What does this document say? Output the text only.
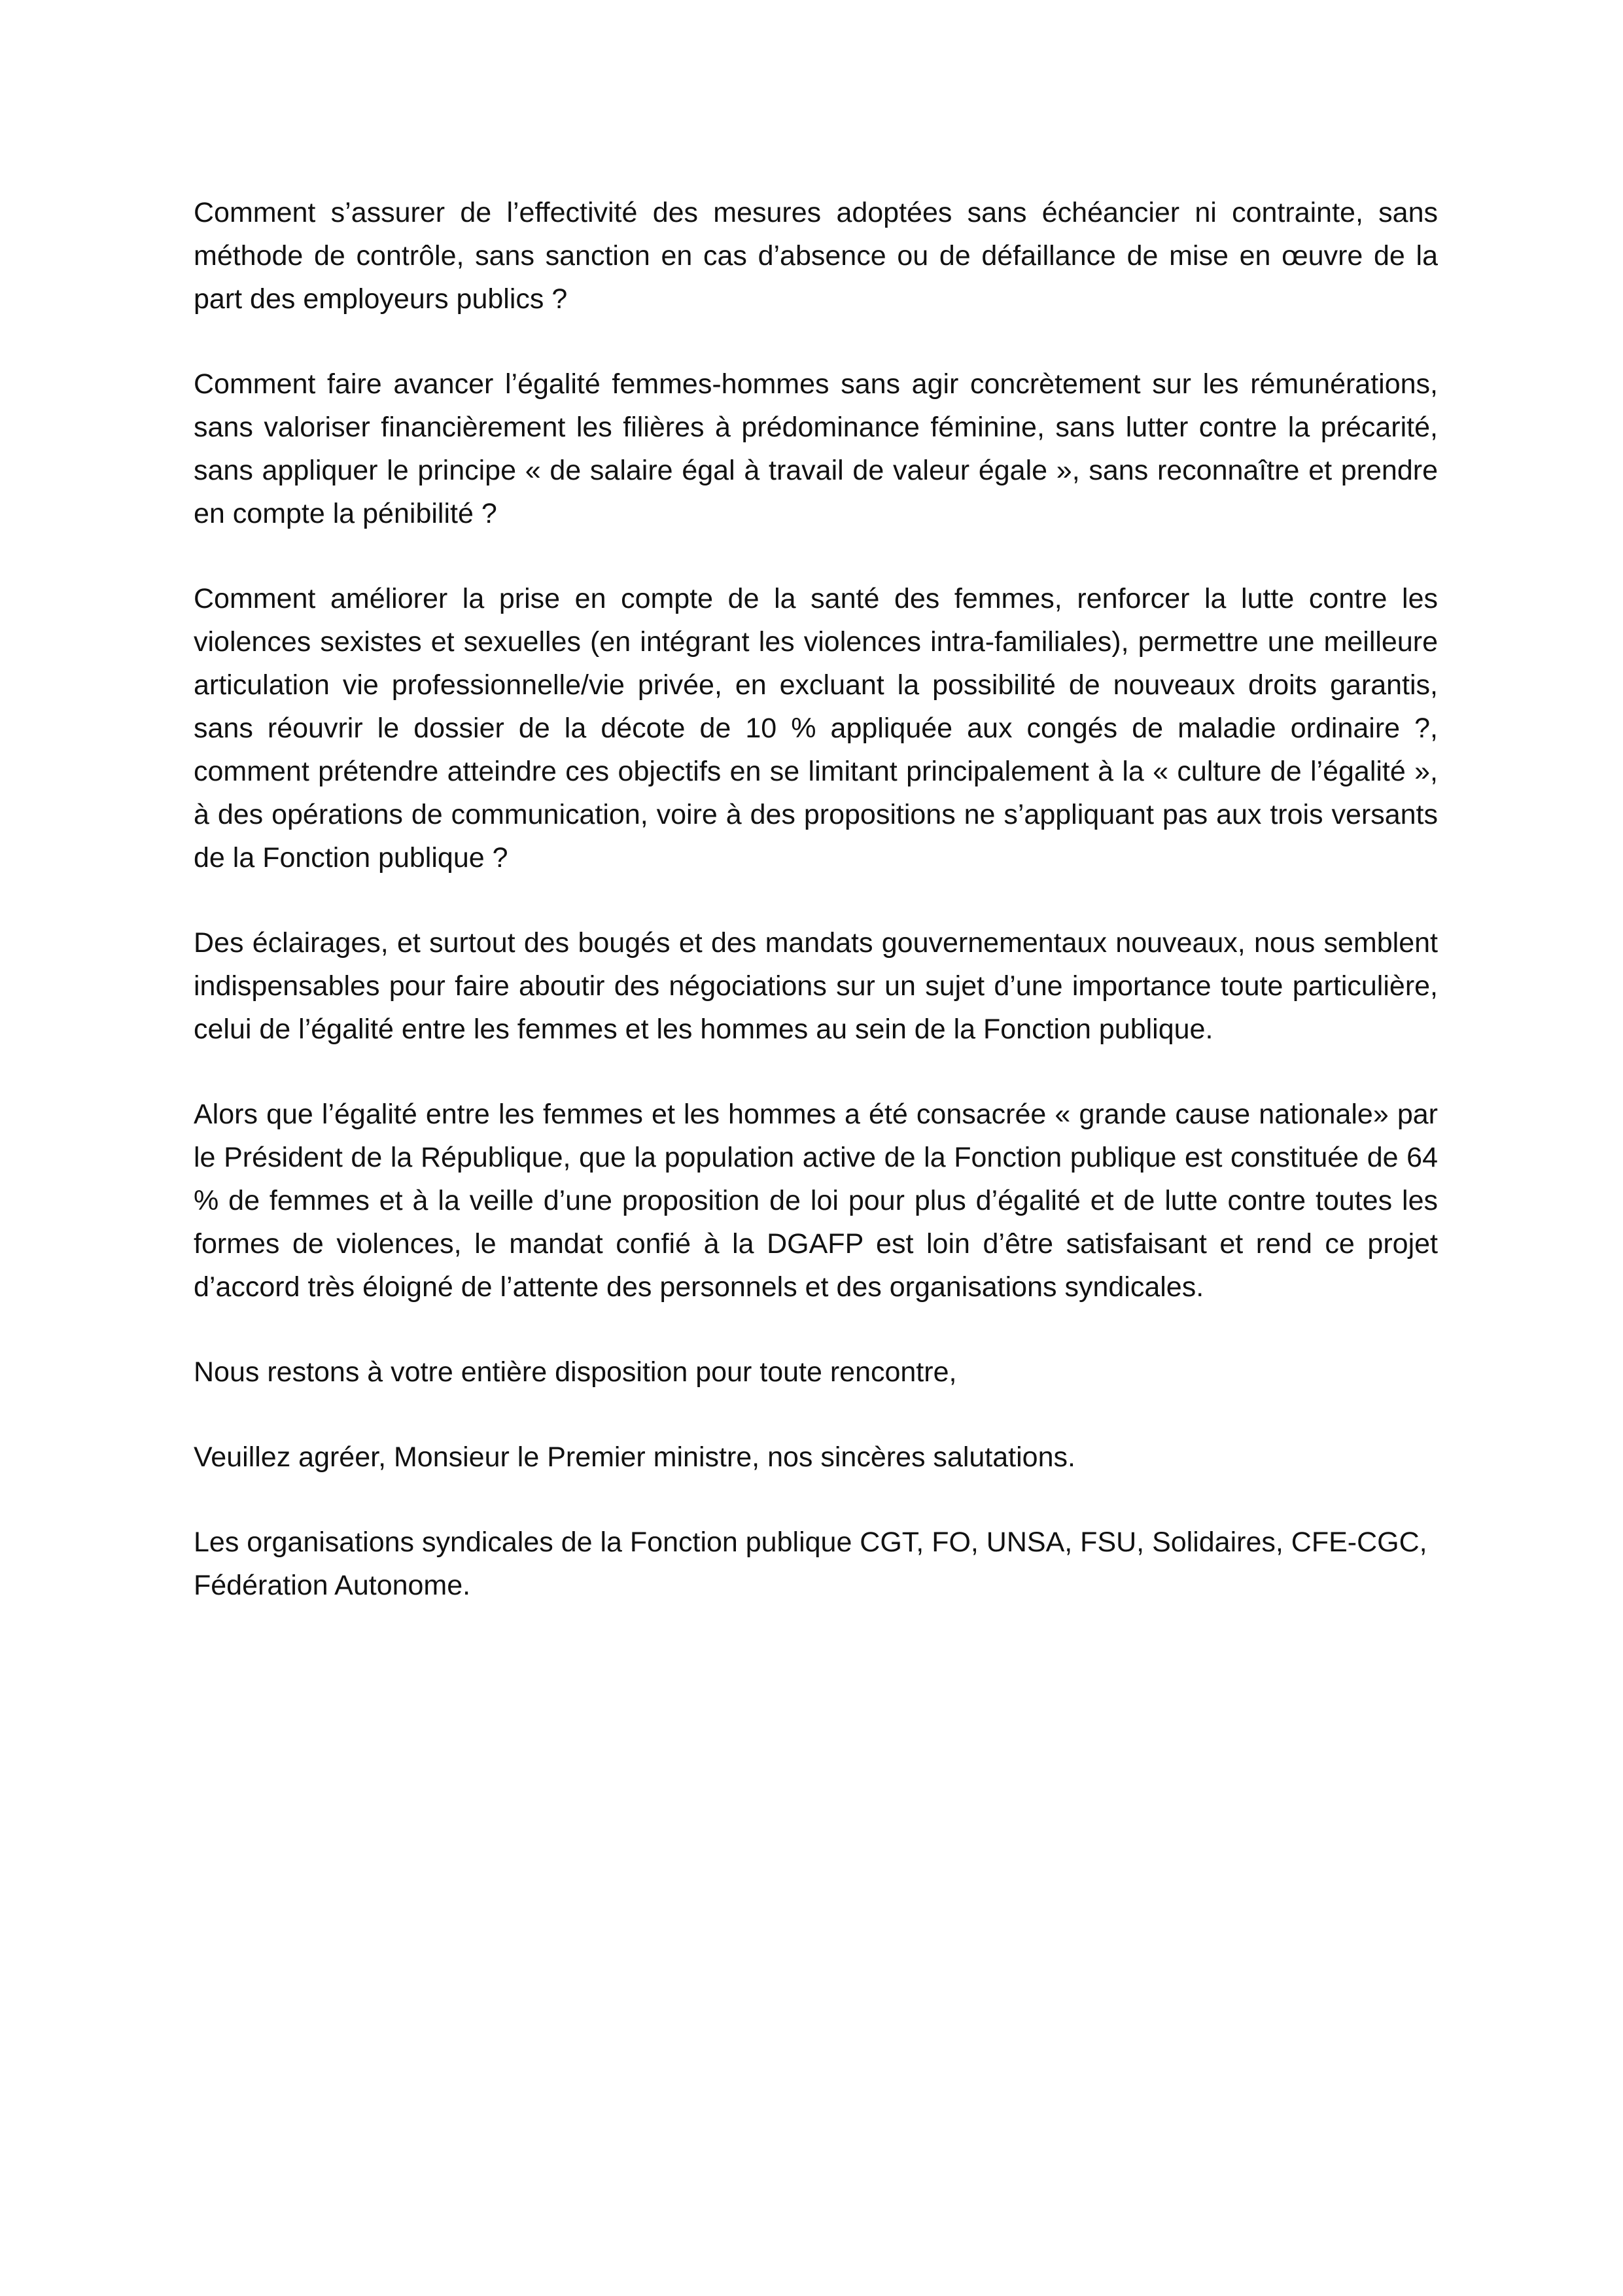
Comment s’assurer de l’effectivité des mesures adoptées sans échéancier ni contrainte, sans méthode de contrôle, sans sanction en cas d’absence ou de défaillance de mise en œuvre de la part des employeurs publics ?

Comment faire avancer l’égalité femmes-hommes sans agir concrètement sur les rémunérations, sans valoriser financièrement les filières à prédominance féminine, sans lutter contre la précarité, sans appliquer le principe « de salaire égal à travail de valeur égale », sans reconnaître et prendre en compte la pénibilité ?

Comment améliorer la prise en compte de la santé des femmes, renforcer la lutte contre les violences sexistes et sexuelles (en intégrant les violences intra-familiales), permettre une meilleure articulation vie professionnelle/vie privée, en excluant la possibilité de nouveaux droits garantis, sans réouvrir le dossier de la décote de 10 % appliquée aux congés de maladie ordinaire ?, comment prétendre atteindre ces objectifs en se limitant principalement à la « culture de l’égalité », à des opérations de communication, voire à des propositions ne s’appliquant pas aux trois versants de la Fonction publique ?

Des éclairages, et surtout des bougés et des mandats gouvernementaux nouveaux, nous semblent indispensables pour faire aboutir des négociations sur un sujet d’une importance toute particulière, celui de l’égalité entre les femmes et les hommes au sein de la Fonction publique.

Alors que l’égalité entre les femmes et les hommes a été consacrée « grande cause nationale» par le Président de la République, que la population active de la Fonction publique est constituée de 64 % de femmes et à la veille d’une proposition de loi pour plus d’égalité et de lutte contre toutes les formes de violences, le mandat confié à la DGAFP est loin d’être satisfaisant et rend ce projet d’accord très éloigné de l’attente des personnels et des organisations syndicales.

Nous restons à votre entière disposition pour toute rencontre,

Veuillez agréer, Monsieur le Premier ministre, nos sincères salutations.

Les organisations syndicales de la Fonction publique CGT, FO, UNSA, FSU, Solidaires, CFE-CGC, Fédération Autonome.
